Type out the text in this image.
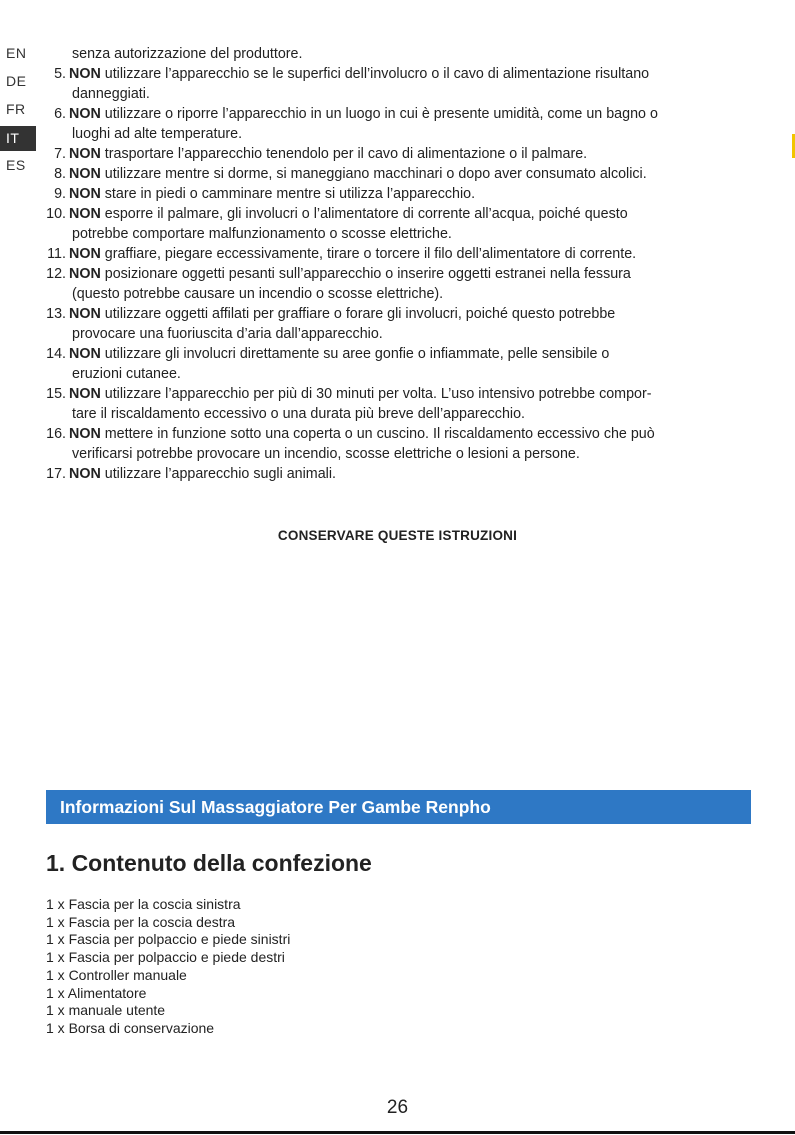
EN
DE
FR
IT
ES
senza autorizzazione del produttore.
5. NON utilizzare l’apparecchio se le superfici dell’involucro o il cavo di alimentazione risultano
danneggiati.
6. NON utilizzare o riporre l’apparecchio in un luogo in cui è presente umidità, come un bagno o
luoghi ad alte temperature.
7. NON trasportare l’apparecchio tenendolo per il cavo di alimentazione o il palmare.
8. NON utilizzare mentre si dorme, si maneggiano macchinari o dopo aver consumato alcolici.
9. NON stare in piedi o camminare mentre si utilizza l’apparecchio.
10. NON esporre il palmare, gli involucri o l’alimentatore di corrente all’acqua, poiché questo
potrebbe comportare malfunzionamento o scosse elettriche.
11. NON graffiare, piegare eccessivamente, tirare o torcere il filo dell’alimentatore di corrente.
12. NON posizionare oggetti pesanti sull’apparecchio o inserire oggetti estranei nella fessura
(questo potrebbe causare un incendio o scosse elettriche).
13. NON utilizzare oggetti affilati per graffiare o forare gli involucri, poiché questo potrebbe
provocare una fuoriuscita d’aria dall’apparecchio.
14. NON utilizzare gli involucri direttamente su aree gonfie o infiammate, pelle sensibile o
eruzioni cutanee.
15. NON utilizzare l’apparecchio per più di 30 minuti per volta. L’uso intensivo potrebbe compor-
tare il riscaldamento eccessivo o una durata più breve dell’apparecchio.
16. NON mettere in funzione sotto una coperta o un cuscino. Il riscaldamento eccessivo che può
verificarsi potrebbe provocare un incendio, scosse elettriche o lesioni a persone.
17. NON utilizzare l’apparecchio sugli animali.
CONSERVARE QUESTE ISTRUZIONI
Informazioni Sul Massaggiatore Per Gambe Renpho
1. Contenuto della confezione
1 x Fascia per la coscia sinistra
1 x Fascia per la coscia destra
1 x Fascia per polpaccio e piede sinistri
1 x Fascia per polpaccio e piede destri
1 x Controller manuale
1 x Alimentatore
1 x manuale utente
1 x Borsa di conservazione
26
